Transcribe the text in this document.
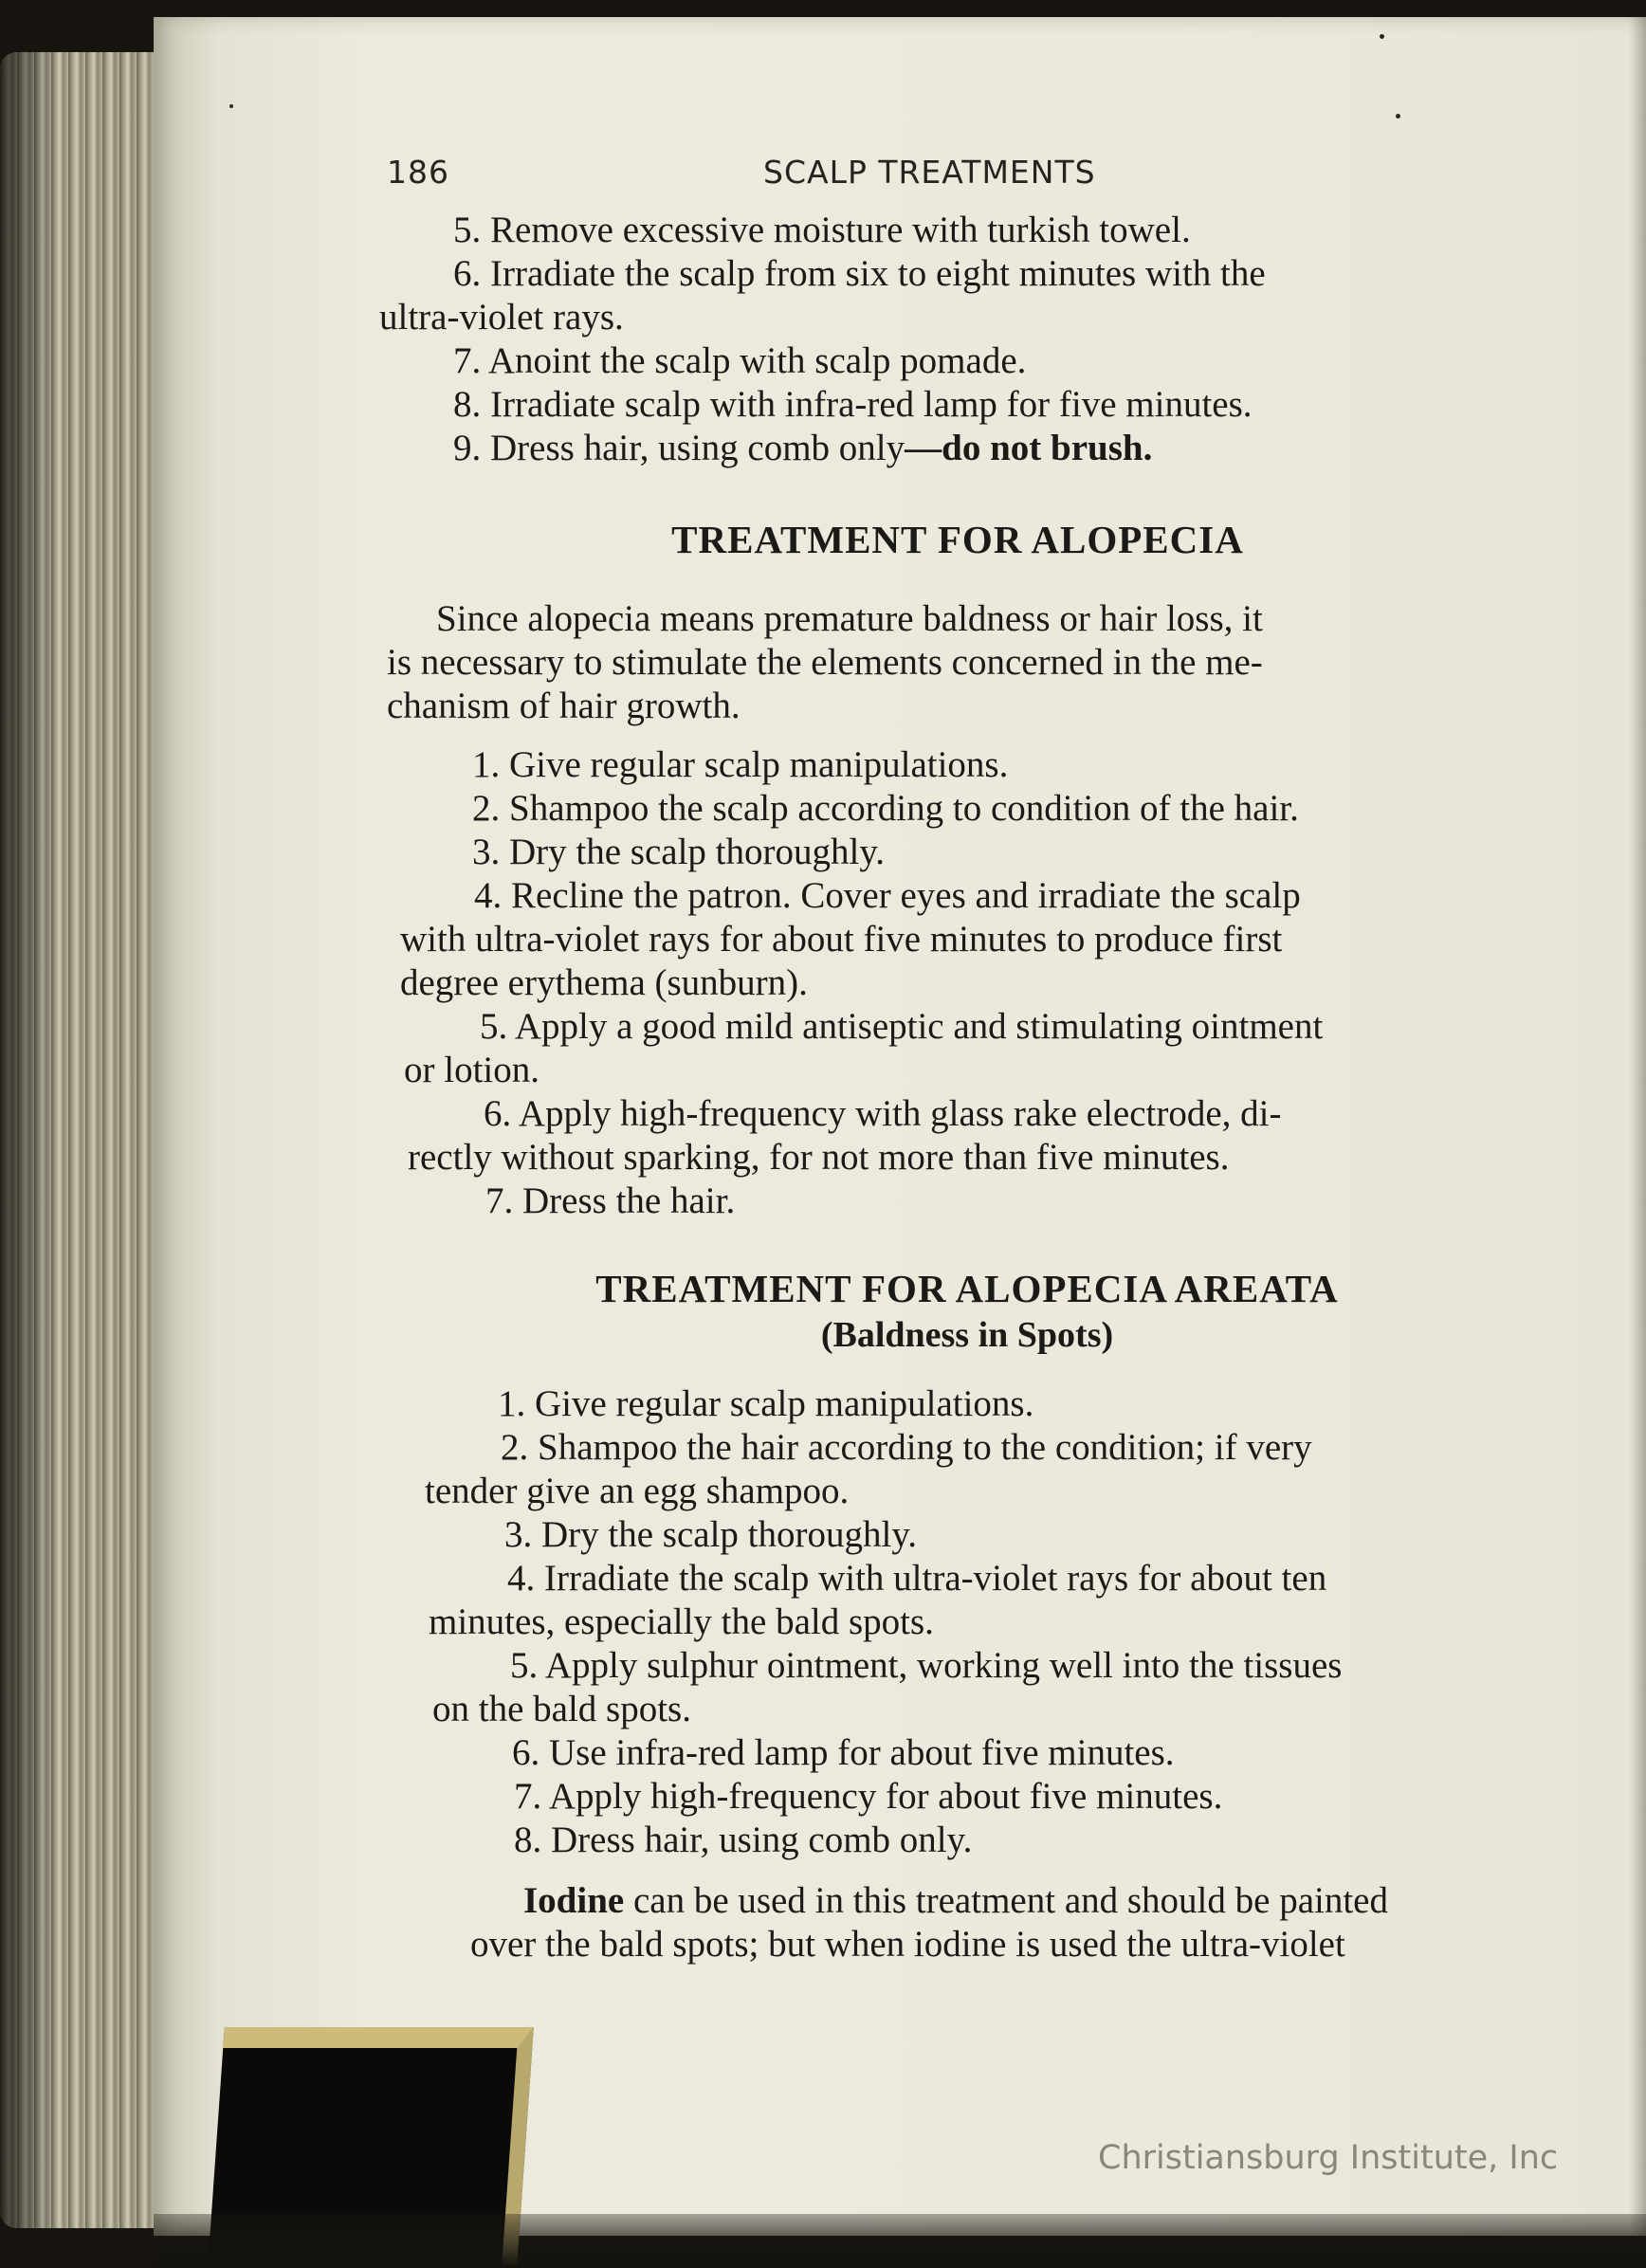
186	SCALP TREATMENTS
5. Remove excessive moisture with turkish towel.
6. Irradiate the scalp from six to eight minutes with the
ultra-violet rays.
7. Anoint the scalp with scalp pomade.
8. Irradiate scalp with infra-red lamp for five minutes.
9. Dress hair, using comb only—do not brush.
TREATMENT FOR ALOPECIA
Since alopecia means premature baldness or hair loss, it
is necessary to stimulate the elements concerned in the me-
chanism of hair growth.
1. Give regular scalp manipulations.
2. Shampoo the scalp according to condition of the hair.
3. Dry the scalp thoroughly.
4. Recline the patron. Cover eyes and irradiate the scalp
with ultra-violet rays for about five minutes to produce first
degree erythema (sunburn).
5. Apply a good mild antiseptic and stimulating ointment
or lotion.
6. Apply high-frequency with glass rake electrode, di-
rectly without sparking, for not more than five minutes.
7. Dress the hair.
TREATMENT FOR ALOPECIA AREATA
(Baldness in Spots)
1. Give regular scalp manipulations.
2. Shampoo the hair according to the condition; if very
tender give an egg shampoo.
3. Dry the scalp thoroughly.
4. Irradiate the scalp with ultra-violet rays for about ten
minutes, especially the bald spots.
5. Apply sulphur ointment, working well into the tissues
on the bald spots.
6. Use infra-red lamp for about five minutes.
7. Apply high-frequency for about five minutes.
8. Dress hair, using comb only.
Iodine can be used in this treatment and should be painted
over the bald spots; but when iodine is used the ultra-violet
Christiansburg Institute, Inc
